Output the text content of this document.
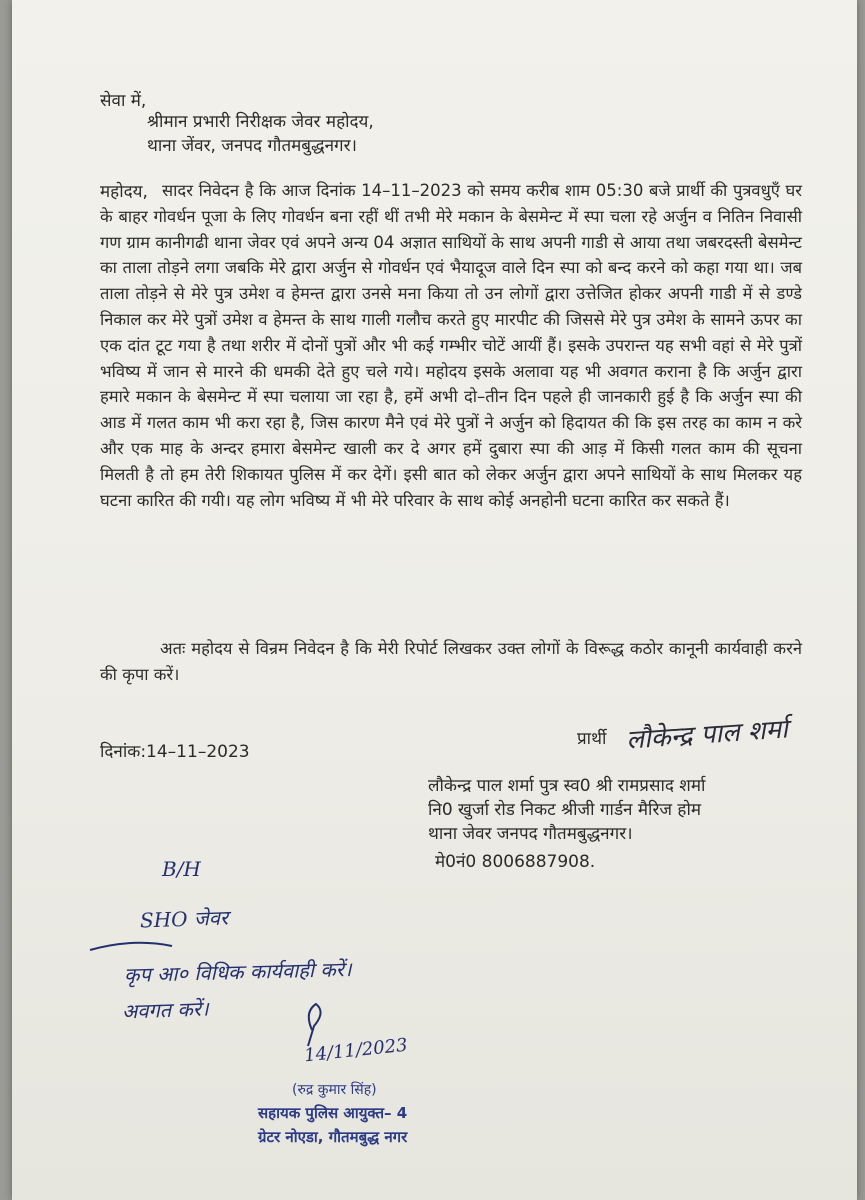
सेवा में,
श्रीमान प्रभारी निरीक्षक जेवर महोदय,
थाना जेंवर, जनपद गौतमबुद्धनगर।
महोदय, सादर निवेदन है कि आज दिनांक 14–11–2023 को समय करीब शाम 05:30 बजे प्रार्थी की पुत्रवधुएँ घर के बाहर गोवर्धन पूजा के लिए गोवर्धन बना रहीं थीं तभी मेरे मकान के बेसमेन्ट में स्पा चला रहे अर्जुन व नितिन निवासी गण ग्राम कानीगढी थाना जेवर एवं अपने अन्य 04 अज्ञात साथियों के साथ अपनी गाडी से आया तथा जबरदस्ती बेसमेन्ट का ताला तोड़ने लगा जबकि मेरे द्वारा अर्जुन से गोवर्धन एवं भैयादूज वाले दिन स्पा को बन्द करने को कहा गया था। जब ताला तोड़ने से मेरे पुत्र उमेश व हेमन्त द्वारा उनसे मना किया तो उन लोगों द्वारा उत्तेजित होकर अपनी गाडी में से डण्डे निकाल कर मेरे पुत्रों उमेश व हेमन्त के साथ गाली गलौच करते हुए मारपीट की जिससे मेरे पुत्र उमेश के सामने ऊपर का एक दांत टूट गया है तथा शरीर में दोनों पुत्रों और भी कई गम्भीर चोटें आयीं हैं। इसके उपरान्त यह सभी वहां से मेरे पुत्रों भविष्य में जान से मारने की धमकी देते हुए चले गये। महोदय इसके अलावा यह भी अवगत कराना है कि अर्जुन द्वारा हमारे मकान के बेसमेन्ट में स्पा चलाया जा रहा है, हमें अभी दो–तीन दिन पहले ही जानकारी हुई है कि अर्जुन स्पा की आड में गलत काम भी करा रहा है, जिस कारण मैने एवं मेरे पुत्रों ने अर्जुन को हिदायत की कि इस तरह का काम न करे और एक माह के अन्दर हमारा बेसमेन्ट खाली कर दे अगर हमें दुबारा स्पा की आड़ में किसी गलत काम की सूचना मिलती है तो हम तेरी शिकायत पुलिस में कर देगें। इसी बात को लेकर अर्जुन द्वारा अपने साथियों के साथ मिलकर यह घटना कारित की गयी। यह लोग भविष्य में भी मेरे परिवार के साथ कोई अनहोनी घटना कारित कर सकते हैं।

अतः महोदय से विन्रम निवेदन है कि मेरी रिपोर्ट लिखकर उक्त लोगों के विरूद्ध कठोर कानूनी कार्यवाही करने की कृपा करें।

दिनांक:14–11–2023
प्रार्थी लौकेन्द्र पाल शर्मा
लौकेन्द्र पाल शर्मा पुत्र स्व0 श्री रामप्रसाद शर्मा
नि0 खुर्जा रोड निकट श्रीजी गार्डन मैरिज होम
थाना जेवर जनपद गौतमबुद्धनगर।
मे0नं0 8006887908.
B/H
SHO जेवर
कृप आ० विधिक कार्यवाही करें।
अवगत करें।
14/11/2023
(रुद्र कुमार सिंह)
सहायक पुलिस आयुक्त– 4
ग्रेटर नोएडा, गौतमबुद्ध नगर
